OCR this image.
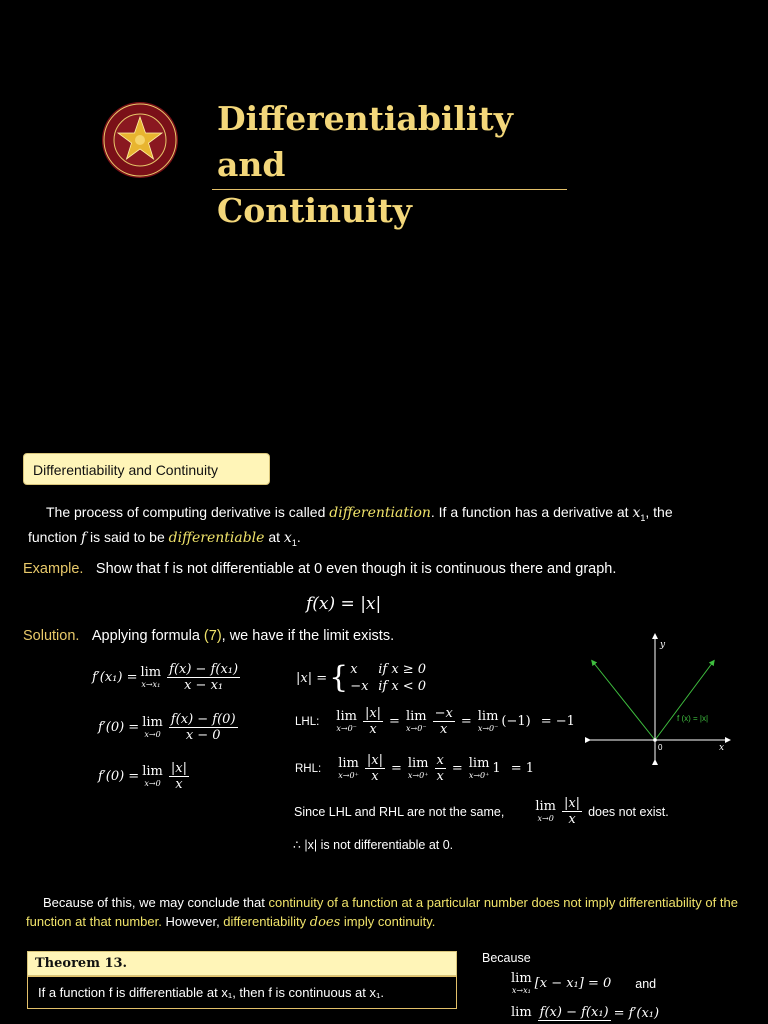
Differentiability and
Continuity
Differentiability and Continuity
The process of computing derivative is called differentiation. If a function has a derivative at $x_1$, the
function f is said to be differentiable at $x_1$.
Example. Show that f is not differentiable at 0 even though it is continuous there and graph.
f(x) = |x|
Solution. Applying formula (7), we have if the limit exists.
f′(x₁) = lim
$x\to x_1 \frac{\text{f(x) − f(x₁)}}{\text{x − x₁}}$
f′(0) = lim
$x\to 0 \frac{f(x) - f(0)}{x - 0}$
f′(0) = lim
$x\to 0 \frac{|x|}{x}$
|x| = { x if x ≥ 0
−x if x < 0
LHL: lim
$x\to 0^- \frac{|x|}{x} = \lim$
$x\to 0^- \frac{-x}{x} = \lim$
x→0⁻ (−1) = −1
RHL: lim
$x\to 0^+ \frac{|x|}{x} = \lim$
$x\to 0^+ \frac{x}{x} = \lim$
x→0⁺ 1 = 1
Since LHL and RHL are not the same, lim
$x\to 0 \frac{|x|}{x}$ does not exist.
∴ |x| is not differentiable at 0.
y
x
0
f (x) = |x|
Because of this, we may conclude that continuity of a function at a particular number does not imply differentiability of the function at that number. However, differentiability does imply continuity.
Theorem 13.
If a function f is differentiable at x₁, then f is continuous at x₁.
Because
lim
x→x₁ [x − x₁] = 0 and
lim f(x) − f(x₁) = f′(x₁)
